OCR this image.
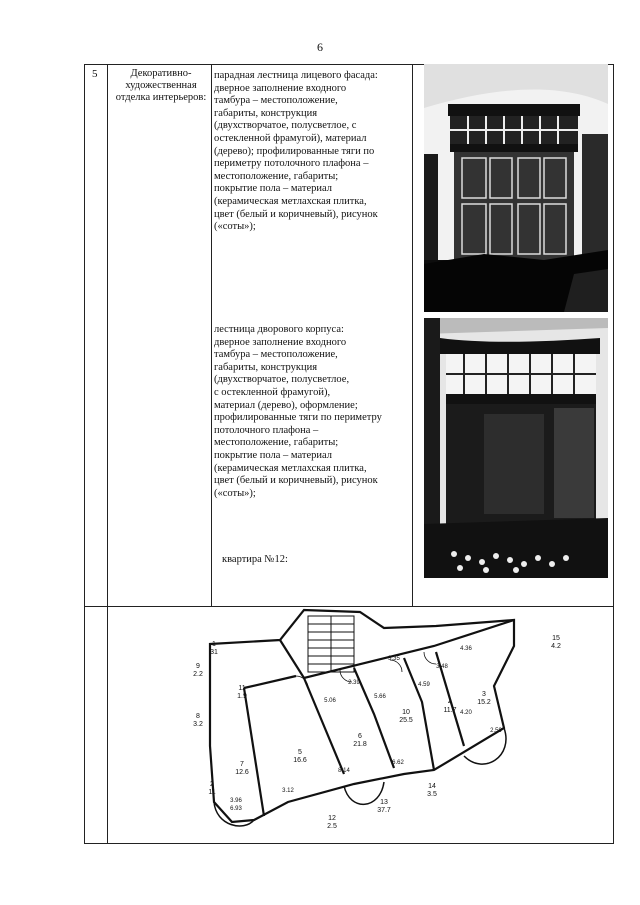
6
5	Декоративно-художественная отделка интерьеров:
парадная лестница лицевого фасада:
дверное заполнение входного
тамбура – местоположение,
габариты, конструкция
(двухстворчатое, полусветлое, с
остекленной фрамугой), материал
(дерево); профилированные тяги по
периметру потолочного плафона –
местоположение, габариты;
покрытие пола – материал
(керамическая метлахская плитка,
цвет (белый и коричневый), рисунок
(«соты»);
лестница дворового корпуса:
дверное заполнение входного
тамбура – местоположение,
габариты, конструкция
(двухстворчатое, полусветлое,
с остекленной фрамугой),
материал (дерево), оформление;
профилированные тяги по периметру
потолочного плафона –
местоположение, габариты;
покрытие пола – материал
(керамическая метлахская плитка,
цвет (белый и коричневый), рисунок
(«соты»);
квартира №12:
1 31
2 11
3 15.2
4 11.7
5 16.6
6 21.8
7 12.6
8 3.2
9 2.2
10 25.5
11 1.9
12 2.5
13 37.7
14 3.5
15 4.2
3.35
3.48
4.36
2.39
5.06
5.66
4.59
8.14
6.62
4.20
2.59
3.96
6.93
3.12
